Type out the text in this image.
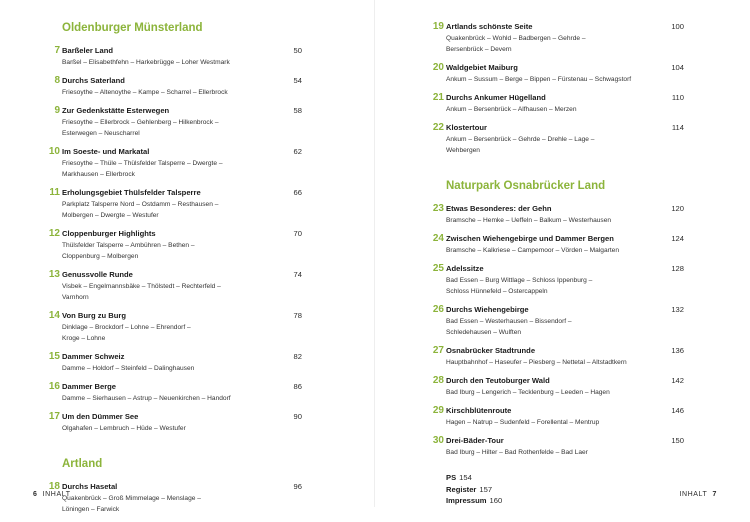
Oldenburger Münsterland
7 Barßeler Land	50
Barßel – Elisabethfehn – Harkebrügge – Loher Westmark
8 Durchs Saterland	54
Friesoythe – Altenoythe – Kampe – Scharrel – Ellerbrock
9 Zur Gedenkstätte Esterwegen	58
Friesoythe – Ellerbrock – Gehlenberg – Hilkenbrock –
Esterwegen – Neuscharrel
10 Im Soeste- und Markatal	62
Friesoythe – Thüle – Thülsfelder Talsperre – Dwergte –
Markhausen – Ellerbrock
11 Erholungsgebiet Thülsfelder Talsperre	66
Parkplatz Talsperre Nord – Ostdamm – Resthausen –
Molbergen – Dwergte – Westufer
12 Cloppenburger Highlights	70
Thülsfelder Talsperre – Ambühren – Bethen –
Cloppenburg – Molbergen
13 Genussvolle Runde	74
Visbek – Engelmannsbäke – Thölstedt – Rechterfeld –
Varnhorn
14 Von Burg zu Burg	78
Dinklage – Brockdorf – Lohne – Ehrendorf –
Kroge – Lohne
15 Dammer Schweiz	82
Damme – Holdorf – Steinfeld – Dalinghausen
16 Dammer Berge	86
Damme – Sierhausen – Astrup – Neuenkirchen – Handorf
17 Um den Dümmer See	90
Olgahafen – Lembruch – Hüde – Westufer
Artland
18 Durchs Hasetal	96
Quakenbrück – Groß Mimmelage – Menslage –
Löningen – Farwick
6 INHALT
19 Artlands schönste Seite	100
Quakenbrück – Wohld – Badbergen – Gehrde –
Bersenbrück – Devern
20 Waldgebiet Maiburg	104
Ankum – Sussum – Berge – Bippen – Fürstenau – Schwagstorf
21 Durchs Ankumer Hügelland	110
Ankum – Bersenbrück – Alfhausen – Merzen
22 Klostertour	114
Ankum – Bersenbrück – Gehrde – Drehle – Lage –
Wehbergen
Naturpark Osnabrücker Land
23 Etwas Besonderes: der Gehn	120
Bramsche – Hemke – Ueffeln – Balkum – Westerhausen
24 Zwischen Wiehengebirge und Dammer Bergen	124
Bramsche – Kalkriese – Campemoor – Vörden – Malgarten
25 Adelssitze	128
Bad Essen – Burg Wittlage – Schloss Ippenburg –
Schloss Hünnefeld – Ostercappeln
26 Durchs Wiehengebirge	132
Bad Essen – Westerhausen – Bissendorf –
Schledehausen – Wulften
27 Osnabrücker Stadtrunde	136
Hauptbahnhof – Haseufer – Piesberg – Nettetal – Altstadtkern
28 Durch den Teutoburger Wald	142
Bad Iburg – Lengerich – Tecklenburg – Leeden – Hagen
29 Kirschblütenroute	146
Hagen – Natrup – Sudenfeld – Forellental – Mentrup
30 Drei-Bäder-Tour	150
Bad Iburg – Hilter – Bad Rothenfelde – Bad Laer
PS 154
Register 157
Impressum 160
INHALT 7
